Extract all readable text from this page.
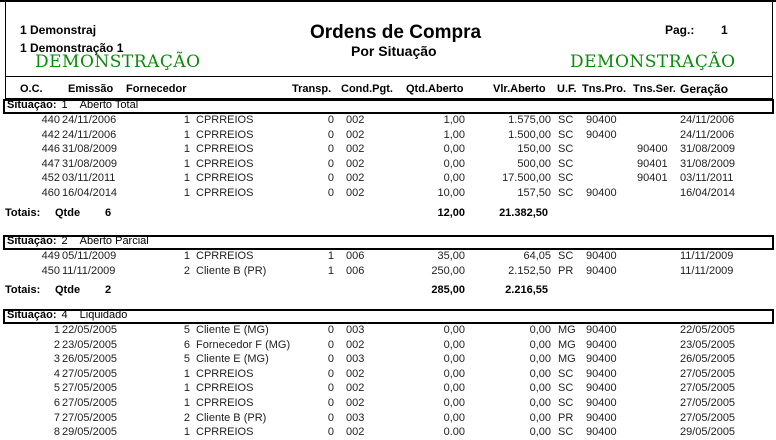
1 Demonstraj
1 Demonstração 1
DEMONSTRAÇÃO
Ordens de Compra
Por Situação
Pag.: 1
DEMONSTRAÇÃO
O.C. Emissão Fornecedor	Transp. Cond.Pgt. Qtd.Aberto	Vlr.Aberto U.F. Tns.Pro. Tns.Ser. Geração
Situação: 1 Aberto Total
440 24/11/2006	1 CPRREIOS	0 002	1,00	1.575,00 SC 90400	24/11/2006
442 24/11/2006	1 CPRREIOS	0 002	1,00	1.500,00 SC 90400	24/11/2006
446 31/08/2009	1 CPRREIOS	0 002	0,00	150,00 SC	90400 31/08/2009
447 31/08/2009	1 CPRREIOS	0 002	0,00	500,00 SC	90401 31/08/2009
452 03/11/2011	1 CPRREIOS	0 002	0,00	17.500,00 SC	90401 03/11/2011
460 16/04/2014	1 CPRREIOS	0 002	10,00	157,50 SC 90400	16/04/2014
Totais: Qtde 6	12,00	21.382,50
Situação: 2 Aberto Parcial
449 05/11/2009	1 CPRREIOS	1 006	35,00	64,05 SC 90400	11/11/2009
450 11/11/2009	2 Cliente B (PR)	1 006	250,00	2.152,50 PR 90400	11/11/2009
Totais: Qtde 2	285,00	2.216,55
Situação: 4 Liquidado
1 22/05/2005	5 Cliente E (MG)	0 003	0,00	0,00 MG 90400	22/05/2005
2 23/05/2005	6 Fornecedor F (MG)	0 002	0,00	0,00 MG 90400	23/05/2005
3 26/05/2005	5 Cliente E (MG)	0 003	0,00	0,00 MG 90400	26/05/2005
4 27/05/2005	1 CPRREIOS	0 002	0,00	0,00 SC 90400	27/05/2005
5 27/05/2005	1 CPRREIOS	0 002	0,00	0,00 SC 90400	27/05/2005
6 27/05/2005	1 CPRREIOS	0 002	0,00	0,00 SC 90400	27/05/2005
7 27/05/2005	2 Cliente B (PR)	0 003	0,00	0,00 PR 90400	27/05/2005
8 29/05/2005	1 CPRREIOS	0 002	0.00	0,00 SC 90400	29/05/2005
